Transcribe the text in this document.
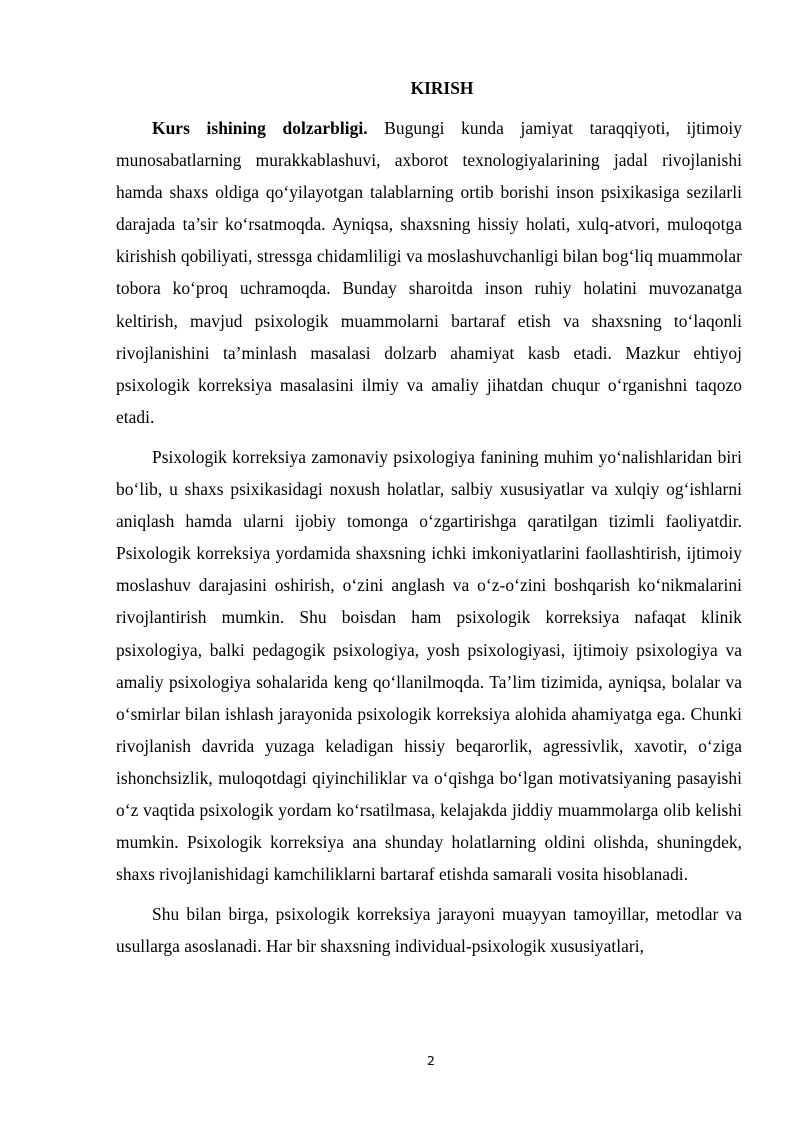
KIRISH

Kurs ishining dolzarbligi. Bugungi kunda jamiyat taraqqiyoti, ijtimoiy munosabatlarning murakkablashuvi, axborot texnologiyalarining jadal rivojlanishi hamda shaxs oldiga qo‘yilayotgan talablarning ortib borishi inson psixikasiga sezilarli darajada ta’sir ko‘rsatmoqda. Ayniqsa, shaxsning hissiy holati, xulq-atvori, muloqotga kirishish qobiliyati, stressga chidamliligi va moslashuvchanligi bilan bog‘liq muammolar tobora ko‘proq uchramoqda. Bunday sharoitda inson ruhiy holatini muvozanatga keltirish, mavjud psixologik muammolarni bartaraf etish va shaxsning to‘laqonli rivojlanishini ta’minlash masalasi dolzarb ahamiyat kasb etadi. Mazkur ehtiyoj psixologik korreksiya masalasini ilmiy va amaliy jihatdan chuqur o‘rganishni taqozo etadi.

Psixologik korreksiya zamonaviy psixologiya fanining muhim yo‘nalishlaridan biri bo‘lib, u shaxs psixikasidagi noxush holatlar, salbiy xususiyatlar va xulqiy og‘ishlarni aniqlash hamda ularni ijobiy tomonga o‘zgartirishga qaratilgan tizimli faoliyatdir. Psixologik korreksiya yordamida shaxsning ichki imkoniyatlarini faollashtirish, ijtimoiy moslashuv darajasini oshirish, o‘zini anglash va o‘z-o‘zini boshqarish ko‘nikmalarini rivojlantirish mumkin. Shu boisdan ham psixologik korreksiya nafaqat klinik psixologiya, balki pedagogik psixologiya, yosh psixologiyasi, ijtimoiy psixologiya va amaliy psixologiya sohalarida keng qo‘llanilmoqda. Ta’lim tizimida, ayniqsa, bolalar va o‘smirlar bilan ishlash jarayonida psixologik korreksiya alohida ahamiyatga ega. Chunki rivojlanish davrida yuzaga keladigan hissiy beqarorlik, agressivlik, xavotir, o‘ziga ishonchsizlik, muloqotdagi qiyinchiliklar va o‘qishga bo‘lgan motivatsiyaning pasayishi o‘z vaqtida psixologik yordam ko‘rsatilmasa, kelajakda jiddiy muammolarga olib kelishi mumkin. Psixologik korreksiya ana shunday holatlarning oldini olishda, shuningdek, shaxs rivojlanishidagi kamchiliklarni bartaraf etishda samarali vosita hisoblanadi.

Shu bilan birga, psixologik korreksiya jarayoni muayyan tamoyillar, metodlar va usullarga asoslanadi. Har bir shaxsning individual-psixologik xususiyatlari,

2
